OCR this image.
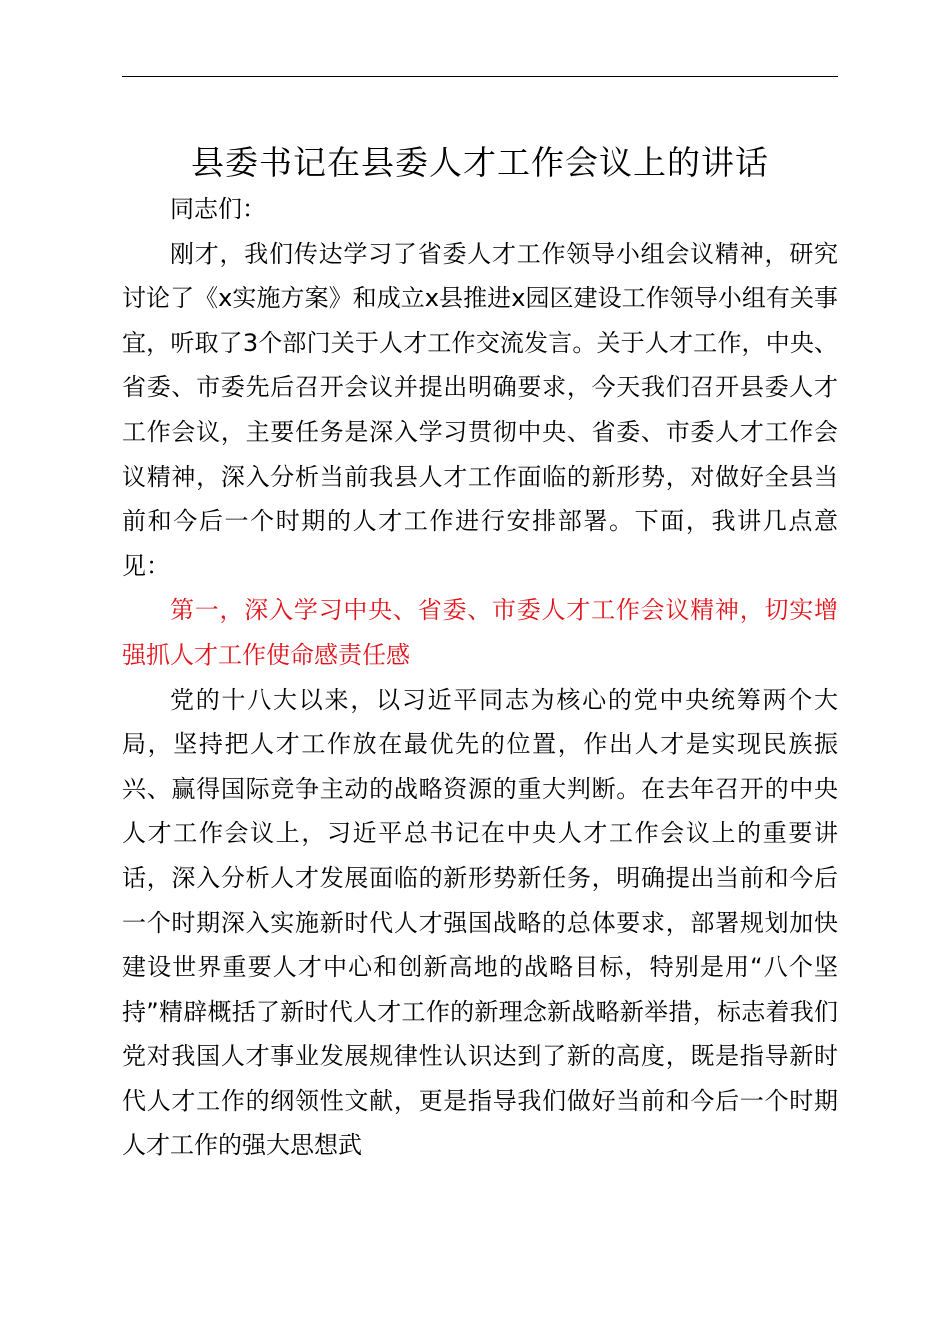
县委书记在县委人才工作会议上的讲话

同志们：

刚才，我们传达学习了省委人才工作领导小组会议精神，研究讨论了《x实施方案》和成立x县推进x园区建设工作领导小组有关事宜，听取了3个部门关于人才工作交流发言。关于人才工作，中央、省委、市委先后召开会议并提出明确要求，今天我们召开县委人才工作会议，主要任务是深入学习贯彻中央、省委、市委人才工作会议精神，深入分析当前我县人才工作面临的新形势，对做好全县当前和今后一个时期的人才工作进行安排部署。下面，我讲几点意见：

第一，深入学习中央、省委、市委人才工作会议精神，切实增强抓人才工作使命感责任感

党的十八大以来，以习近平同志为核心的党中央统筹两个大局，坚持把人才工作放在最优先的位置，作出人才是实现民族振兴、赢得国际竞争主动的战略资源的重大判断。在去年召开的中央人才工作会议上，习近平总书记在中央人才工作会议上的重要讲话，深入分析人才发展面临的新形势新任务，明确提出当前和今后一个时期深入实施新时代人才强国战略的总体要求，部署规划加快建设世界重要人才中心和创新高地的战略目标，特别是用“八个坚持”精辟概括了新时代人才工作的新理念新战略新举措，标志着我们党对我国人才事业发展规律性认识达到了新的高度，既是指导新时代人才工作的纲领性文献，更是指导我们做好当前和今后一个时期人才工作的强大思想武
